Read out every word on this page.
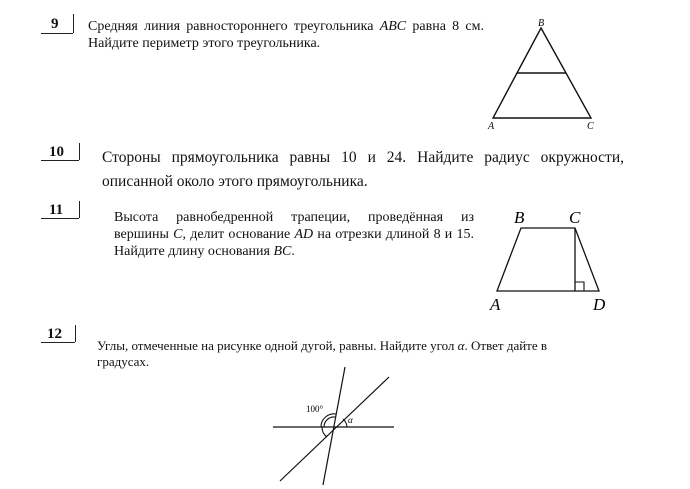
9 Средняя линия равностороннего треугольника ABC равна 8 см. Найдите периметр этого треугольника.
B
A	C
10 Стороны прямоугольника равны 10 и 24. Найдите радиус окружности, описанной около этого прямоугольника.
11	Высота равнобедренной трапеции, проведённая из вершины C, делит основание AD на отрезки длиной 8 и 15. Найдите длину основания BC.
B	C
A	D
12
Углы, отмеченные на рисунке одной дугой, равны. Найдите угол α. Ответ дайте в градусах.
100°
α
